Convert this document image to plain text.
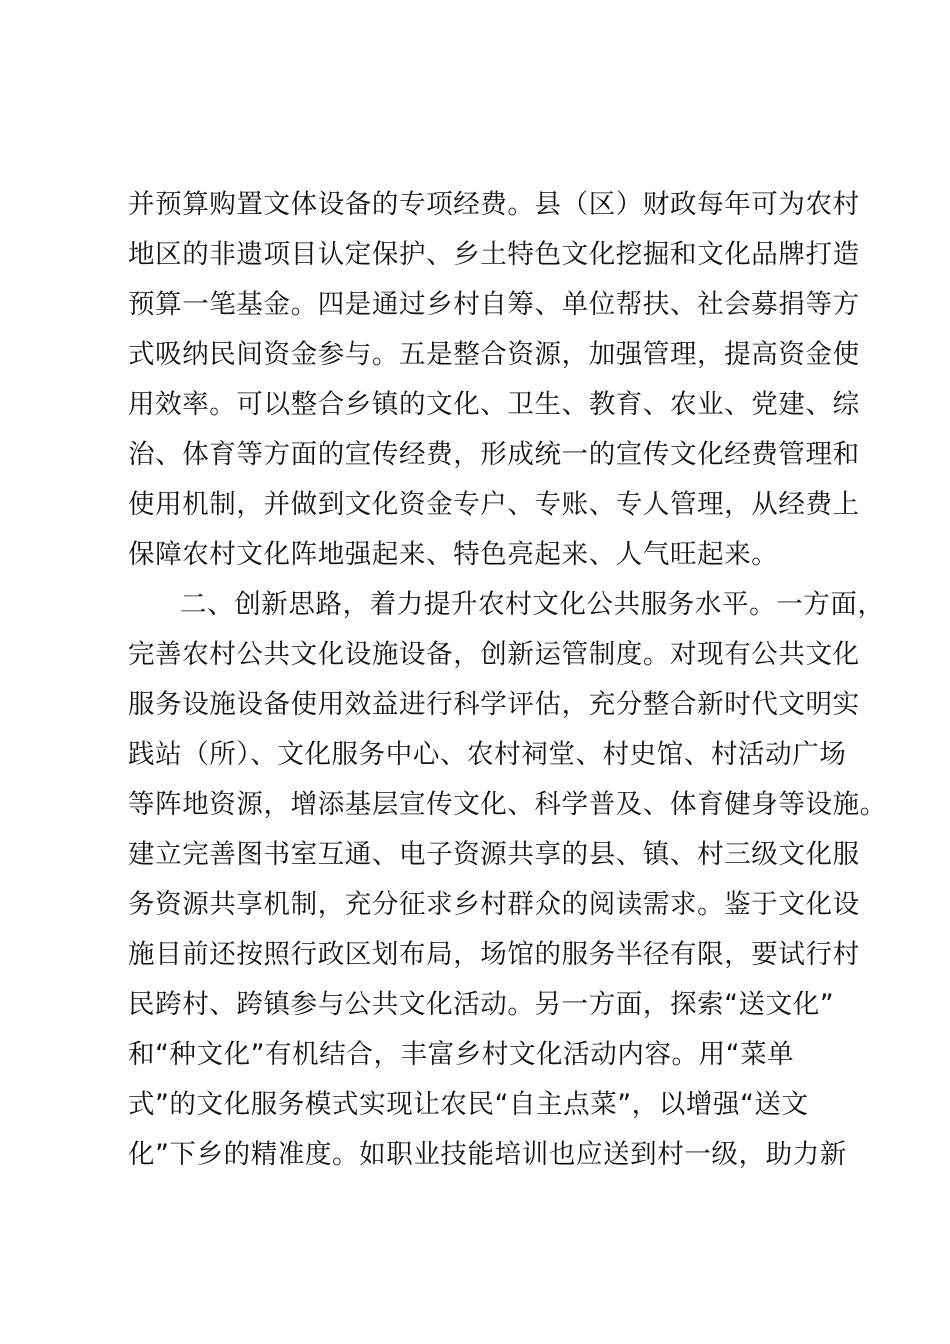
并预算购置文体设备的专项经费。县（区）财政每年可为农村
地区的非遗项目认定保护、乡土特色文化挖掘和文化品牌打造
预算一笔基金。四是通过乡村自筹、单位帮扶、社会募捐等方
式吸纳民间资金参与。五是整合资源，加强管理，提高资金使
用效率。可以整合乡镇的文化、卫生、教育、农业、党建、综
治、体育等方面的宣传经费，形成统一的宣传文化经费管理和
使用机制，并做到文化资金专户、专账、专人管理，从经费上
保障农村文化阵地强起来、特色亮起来、人气旺起来。
二、创新思路，着力提升农村文化公共服务水平。一方面，
完善农村公共文化设施设备，创新运管制度。对现有公共文化
服务设施设备使用效益进行科学评估，充分整合新时代文明实
践站（所）、文化服务中心、农村祠堂、村史馆、村活动广场
等阵地资源，增添基层宣传文化、科学普及、体育健身等设施。
建立完善图书室互通、电子资源共享的县、镇、村三级文化服
务资源共享机制，充分征求乡村群众的阅读需求。鉴于文化设
施目前还按照行政区划布局，场馆的服务半径有限，要试行村
民跨村、跨镇参与公共文化活动。另一方面，探索“送文化”
和“种文化”有机结合，丰富乡村文化活动内容。用“菜单
式”的文化服务模式实现让农民“自主点菜”，以增强“送文
化”下乡的精准度。如职业技能培训也应送到村一级，助力新
